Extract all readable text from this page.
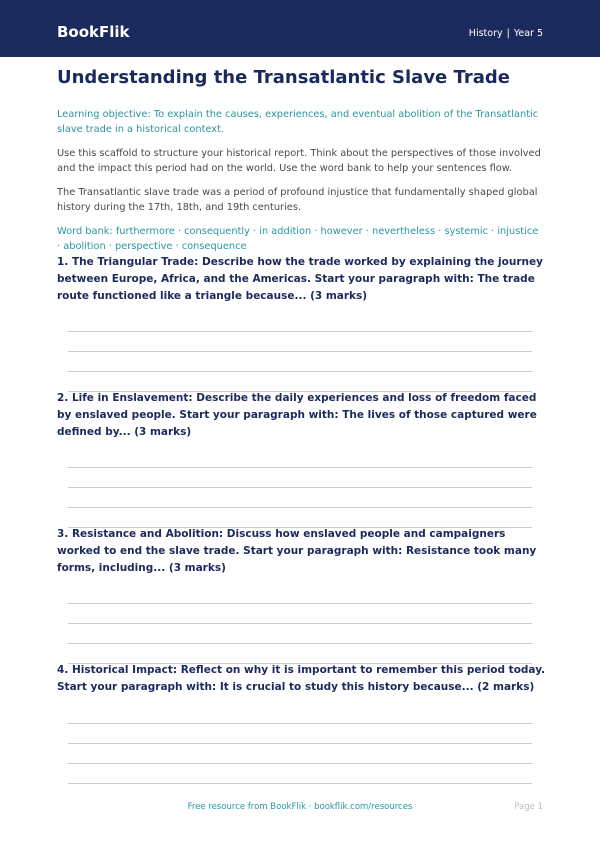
BookFlik	History | Year 5
Understanding the Transatlantic Slave Trade
Learning objective: To explain the causes, experiences, and eventual abolition of the Transatlantic slave trade in a historical context.
Use this scaffold to structure your historical report. Think about the perspectives of those involved and the impact this period had on the world. Use the word bank to help your sentences flow.
The Transatlantic slave trade was a period of profound injustice that fundamentally shaped global history during the 17th, 18th, and 19th centuries.
Word bank: furthermore · consequently · in addition · however · nevertheless · systemic · injustice · abolition · perspective · consequence
1. The Triangular Trade: Describe how the trade worked by explaining the journey between Europe, Africa, and the Americas. Start your paragraph with: The trade route functioned like a triangle because... (3 marks)
2. Life in Enslavement: Describe the daily experiences and loss of freedom faced by enslaved people. Start your paragraph with: The lives of those captured were defined by... (3 marks)
3. Resistance and Abolition: Discuss how enslaved people and campaigners worked to end the slave trade. Start your paragraph with: Resistance took many forms, including... (3 marks)
4. Historical Impact: Reflect on why it is important to remember this period today. Start your paragraph with: It is crucial to study this history because... (2 marks)
Free resource from BookFlik · bookflik.com/resources	Page 1
